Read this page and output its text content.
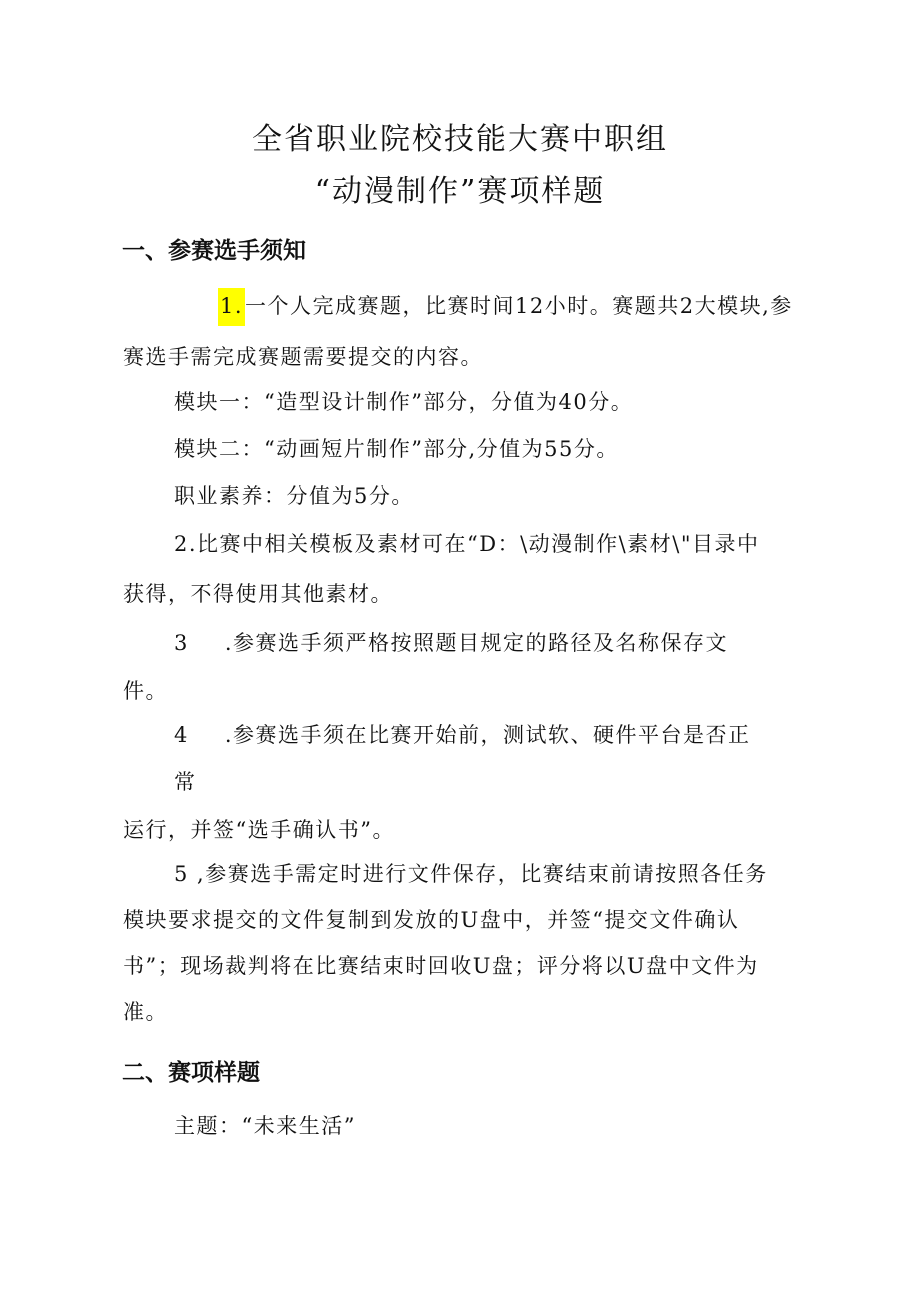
全省职业院校技能大赛中职组
“动漫制作”赛项样题
一、参赛选手须知
1.一个人完成赛题，比赛时间12小时。赛题共2大模块,参
赛选手需完成赛题需要提交的内容。
模块一：“造型设计制作”部分，分值为40分。
模块二：“动画短片制作”部分,分值为55分。
职业素养：分值为5分。
2.比赛中相关模板及素材可在“D：\动漫制作\素材\"目录中
获得，不得使用其他素材。
3 .参赛选手须严格按照题目规定的路径及名称保存文
件。
4 .参赛选手须在比赛开始前，测试软、硬件平台是否正
常
运行，并签“选手确认书”。
5 ,参赛选手需定时进行文件保存，比赛结束前请按照各任务
模块要求提交的文件复制到发放的U盘中，并签“提交文件确认
书”；现场裁判将在比赛结束时回收U盘；评分将以U盘中文件为
准。
二、赛项样题
主题：“未来生活”
